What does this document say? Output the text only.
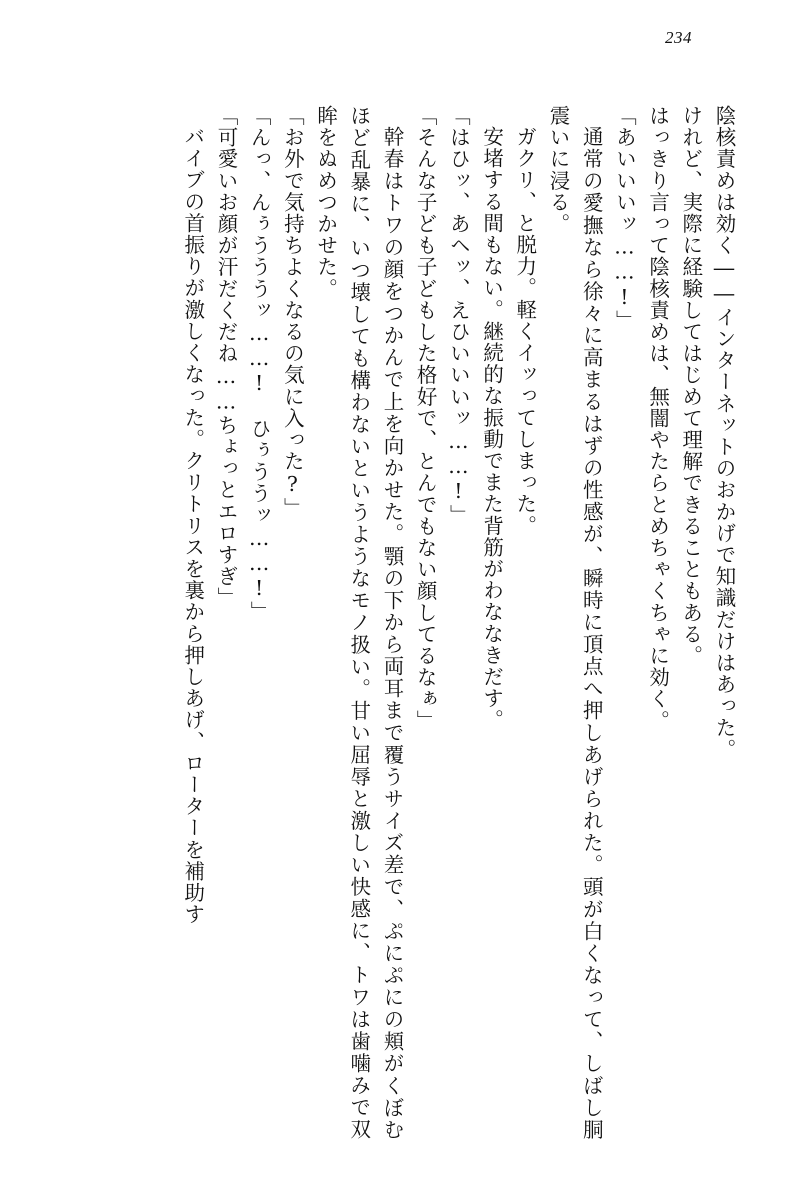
234

陰核責めは効く――インターネットのおかげで知識だけはあった。

けれど、実際に経験してはじめて理解できることもある。

はっきり言って陰核責めは、無闇やたらとめちゃくちゃに効く。

「あいいいッ……!」

通常の愛撫なら徐々に高まるはずの性感が、瞬時に頂点へ押しあげられた。頭が白くなって、しばし胴震いに浸る。

ガクリ、と脱力。軽くイッってしまった。

安堵する間もない。継続的な振動でまた背筋がわななきだす。

「はひッ、あヘッ、えひいいいッ……!」

「そんな子ども子どもした格好で、とんでもない顔してるなぁ」

幹春はトワの顔をつかんで上を向かせた。顎の下から両耳まで覆うサイズ差で、ぷにぷにの頬がくぼむほど乱暴に、いつ壊しても構わないというようなモノ扱い。甘い屈辱と激しい快感に、トワは歯噛みで双眸をぬめつかせた。

「お外で気持ちよくなるの気に入った?」

「んっ、んぅうううッ……!　ひぅううッ……!」

「可愛いお顔が汗だくだね……ちょっとエロすぎ」

バイブの首振りが激しくなった。クリトリスを裏から押しあげ、ローターを補助す
